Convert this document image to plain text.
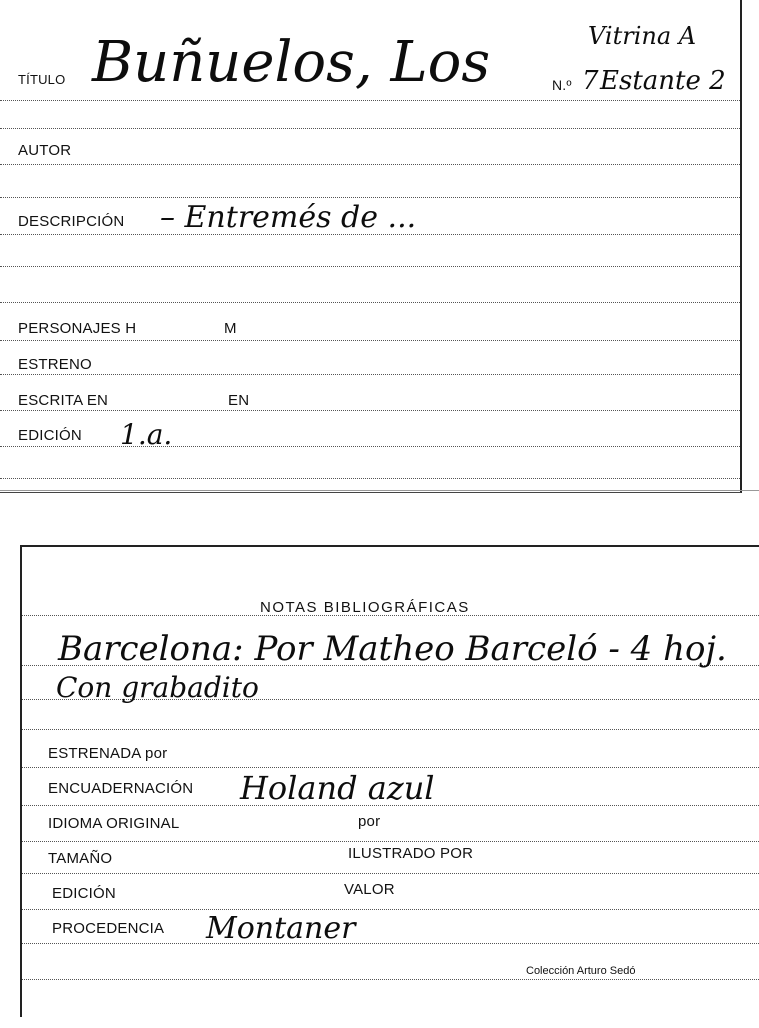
TÍTULO Buñuelos, Los	Vitrina A
N.º 7 Estante 2
AUTOR
DESCRIPCIÓN – Entremés de ...
PERSONAJES H	M
ESTRENO
ESCRITA EN	EN
EDICIÓN 1.a.
NOTAS BIBLIOGRÁFICAS
Barcelona: Por Matheo Barceló - 4 hoj.
Con grabadito
ESTRENADA por
ENCUADERNACIÓN Holand azul
IDIOMA ORIGINAL	por
TAMAÑO	ILUSTRADO POR
EDICIÓN	VALOR
PROCEDENCIA Montaner
Colección Arturo Sedó
